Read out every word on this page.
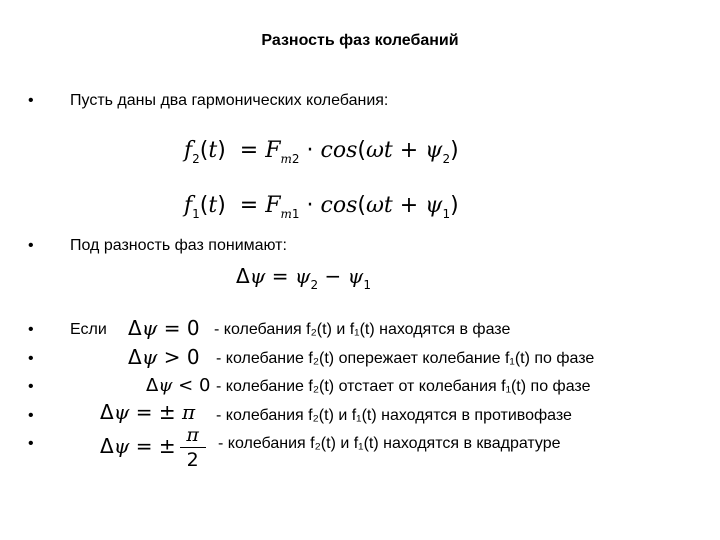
Разность фаз колебаний
• Пусть даны два гармонических колебания:
$f_2(t) = F_{m2} \cdot \cos(\omega t + \psi_2)$
$f_1(t) = F_{m1} \cdot \cos(\omega t + \psi_1)$
• Под разность фаз понимают:
$\Delta\psi = \psi_2 - \psi_1$
•
•
•
•
•
Если Δψ = 0
Δψ > 0
Δψ < 0
Δψ = ± π
Δψ = ± $\frac{\pi}{2}$
- колебания f₂(t) и f₁(t) находятся в фазе
- колебание f₂(t) опережает колебание f₁(t) по фазе
- колебание f₂(t) отстает от колебания f₁(t) по фазе
- колебания f₂(t) и f₁(t) находятся в противофазе
- колебания f₂(t) и f₁(t) находятся в квадратуре
